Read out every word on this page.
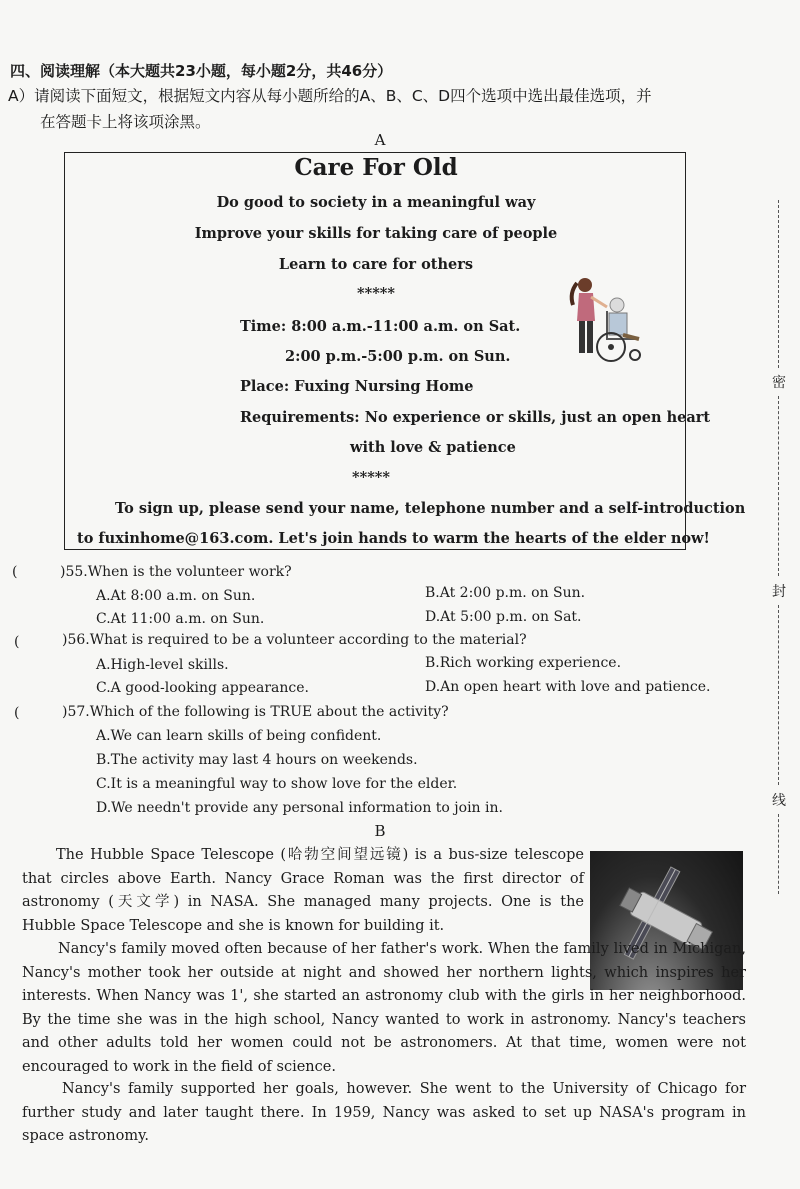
四、阅读理解（本大题共23小题，每小题2分，共46分）
A）请阅读下面短文，根据短文内容从每小题所给的A、B、C、D四个选项中选出最佳选项，并
在答题卡上将该项涂黑。
A
Care For Old
Do good to society in a meaningful way
Improve your skills for taking care of people
Learn to care for others
*****
Time: 8:00 a.m.-11:00 a.m. on Sat.
2:00 p.m.-5:00 p.m. on Sun.
Place: Fuxing Nursing Home
Requirements: No experience or skills, just an open heart
with love & patience
*****
To sign up, please send your name, telephone number and a self-introduction
to fuxinhome@163.com. Let's join hands to warm the hearts of the elder now!
(	)55.When is the volunteer work?
A.At 8:00 a.m. on Sun.	B.At 2:00 p.m. on Sun.
C.At 11:00 a.m. on Sun.	D.At 5:00 p.m. on Sat.
(	)56.What is required to be a volunteer according to the material?
A.High-level skills.	B.Rich working experience.
C.A good-looking appearance.	D.An open heart with love and patience.
(	)57.Which of the following is TRUE about the activity?
A.We can learn skills of being confident.
B.The activity may last 4 hours on weekends.
C.It is a meaningful way to show love for the elder.
D.We needn't provide any personal information to join in.
B
The Hubble Space Telescope (哈勃空间望远镜) is a bus-size telescope that circles above Earth. Nancy Grace Roman was the first director of astronomy (天文学) in NASA. She managed many projects. One is the Hubble Space Telescope and she is known for building it.
Nancy's family moved often because of her father's work. When the family lived in Michigan, Nancy's mother took her outside at night and showed her northern lights, which inspires her interests. When Nancy was 1', she started an astronomy club with the girls in her neighborhood. By the time she was in the high school, Nancy wanted to work in astronomy. Nancy's teachers and other adults told her women could not be astronomers. At that time, women were not encouraged to work in the field of science.
Nancy's family supported her goals, however. She went to the University of Chicago for further study and later taught there. In 1959, Nancy was asked to set up NASA's program in space astronomy.
密
封
线
